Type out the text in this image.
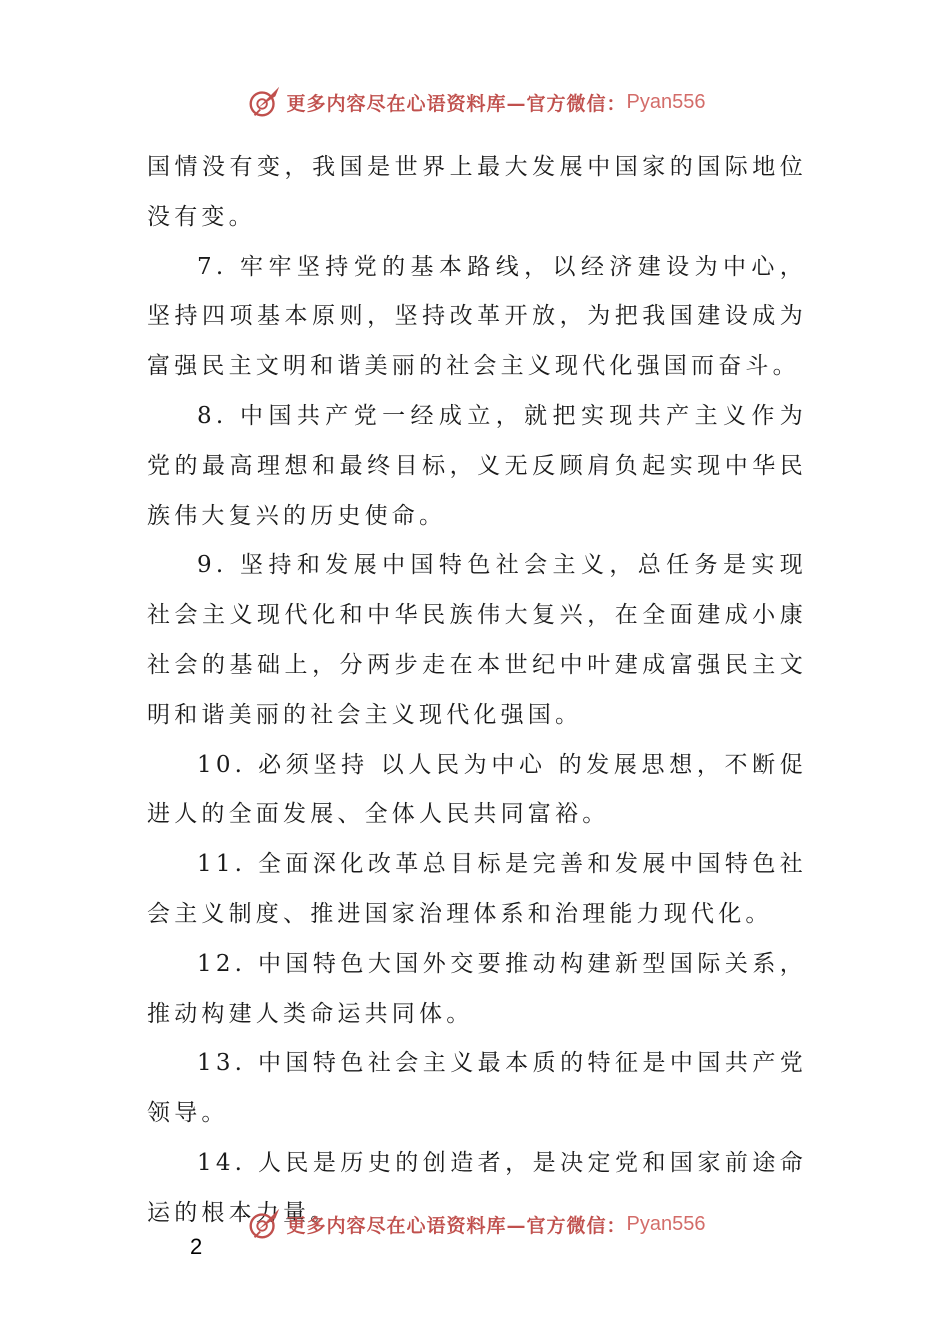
更多内容尽在心语资料库—官方微信： Pyan556

国情没有变，我国是世界上最大发展中国家的国际地位没有变。

7. 牢牢坚持党的基本路线，以经济建设为中心，坚持四项基本原则，坚持改革开放，为把我国建设成为富强民主文明和谐美丽的社会主义现代化强国而奋斗。

8. 中国共产党一经成立，就把实现共产主义作为党的最高理想和最终目标，义无反顾肩负起实现中华民族伟大复兴的历史使命。

9. 坚持和发展中国特色社会主义，总任务是实现社会主义现代化和中华民族伟大复兴，在全面建成小康社会的基础上，分两步走在本世纪中叶建成富强民主文明和谐美丽的社会主义现代化强国。

10. 必须坚持 以人民为中心 的发展思想，不断促进人的全面发展、全体人民共同富裕。

11. 全面深化改革总目标是完善和发展中国特色社会主义制度、推进国家治理体系和治理能力现代化。

12. 中国特色大国外交要推动构建新型国际关系，推动构建人类命运共同体。

13. 中国特色社会主义最本质的特征是中国共产党领导。

14. 人民是历史的创造者，是决定党和国家前途命运的根本力量。

更多内容尽在心语资料库—官方微信： Pyan556
2
